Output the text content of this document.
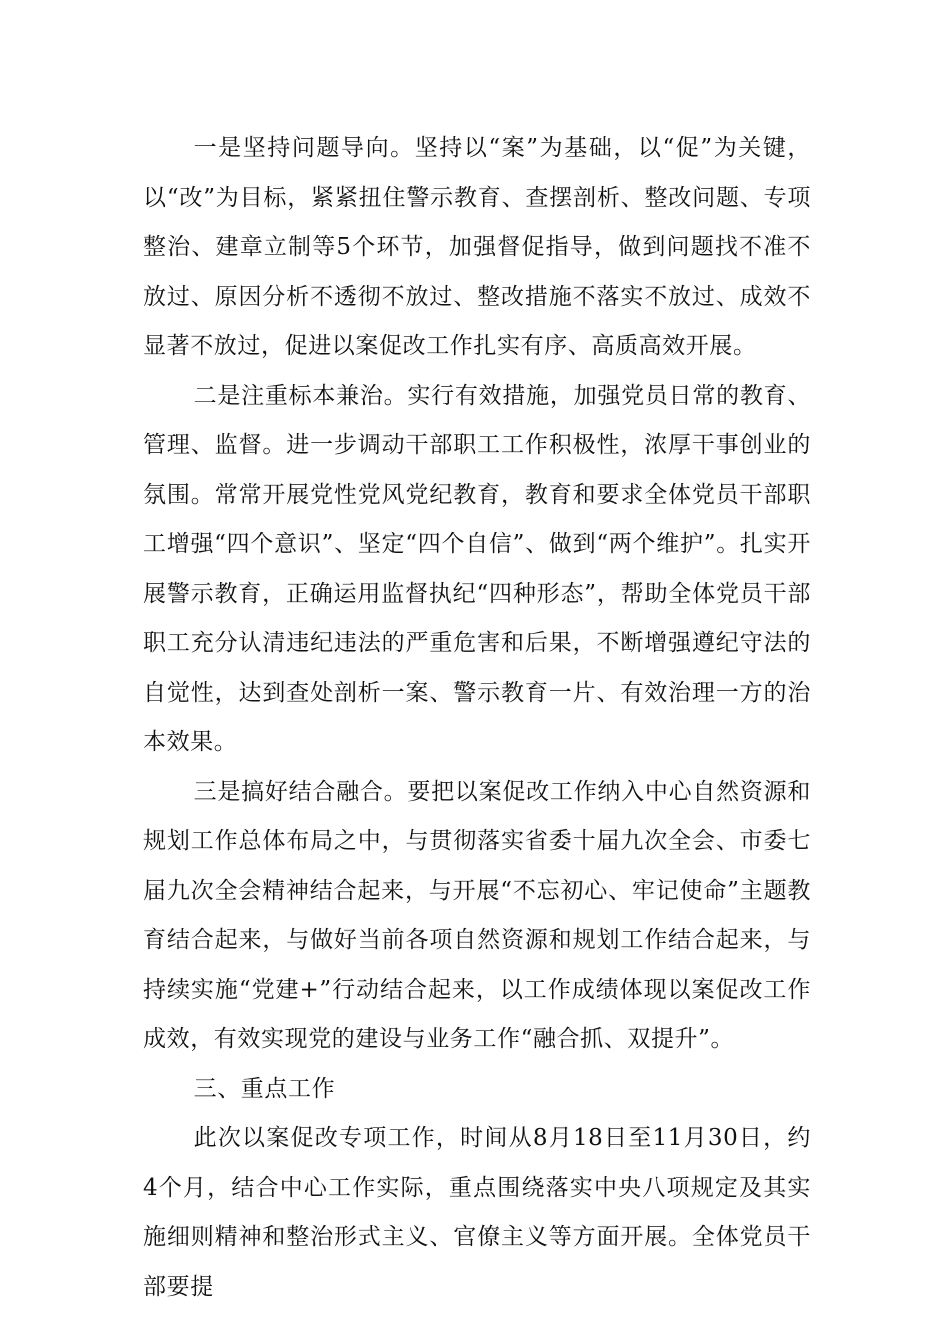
一是坚持问题导向。坚持以“案”为基础，以“促”为关键，以“改”为目标，紧紧扭住警示教育、查摆剖析、整改问题、专项整治、建章立制等5个环节，加强督促指导，做到问题找不准不放过、原因分析不透彻不放过、整改措施不落实不放过、成效不显著不放过，促进以案促改工作扎实有序、高质高效开展。

二是注重标本兼治。实行有效措施，加强党员日常的教育、管理、监督。进一步调动干部职工工作积极性，浓厚干事创业的氛围。常常开展党性党风党纪教育，教育和要求全体党员干部职工增强“四个意识”、坚定“四个自信”、做到“两个维护”。扎实开展警示教育，正确运用监督执纪“四种形态”，帮助全体党员干部职工充分认清违纪违法的严重危害和后果，不断增强遵纪守法的自觉性，达到查处剖析一案、警示教育一片、有效治理一方的治本效果。

三是搞好结合融合。要把以案促改工作纳入中心自然资源和规划工作总体布局之中，与贯彻落实省委十届九次全会、市委七届九次全会精神结合起来，与开展“不忘初心、牢记使命”主题教育结合起来，与做好当前各项自然资源和规划工作结合起来，与持续实施“党建+”行动结合起来，以工作成绩体现以案促改工作成效，有效实现党的建设与业务工作“融合抓、双提升”。

三、重点工作

此次以案促改专项工作，时间从8月18日至11月30日，约4个月，结合中心工作实际，重点围绕落实中央八项规定及其实施细则精神和整治形式主义、官僚主义等方面开展。全体党员干部要提
